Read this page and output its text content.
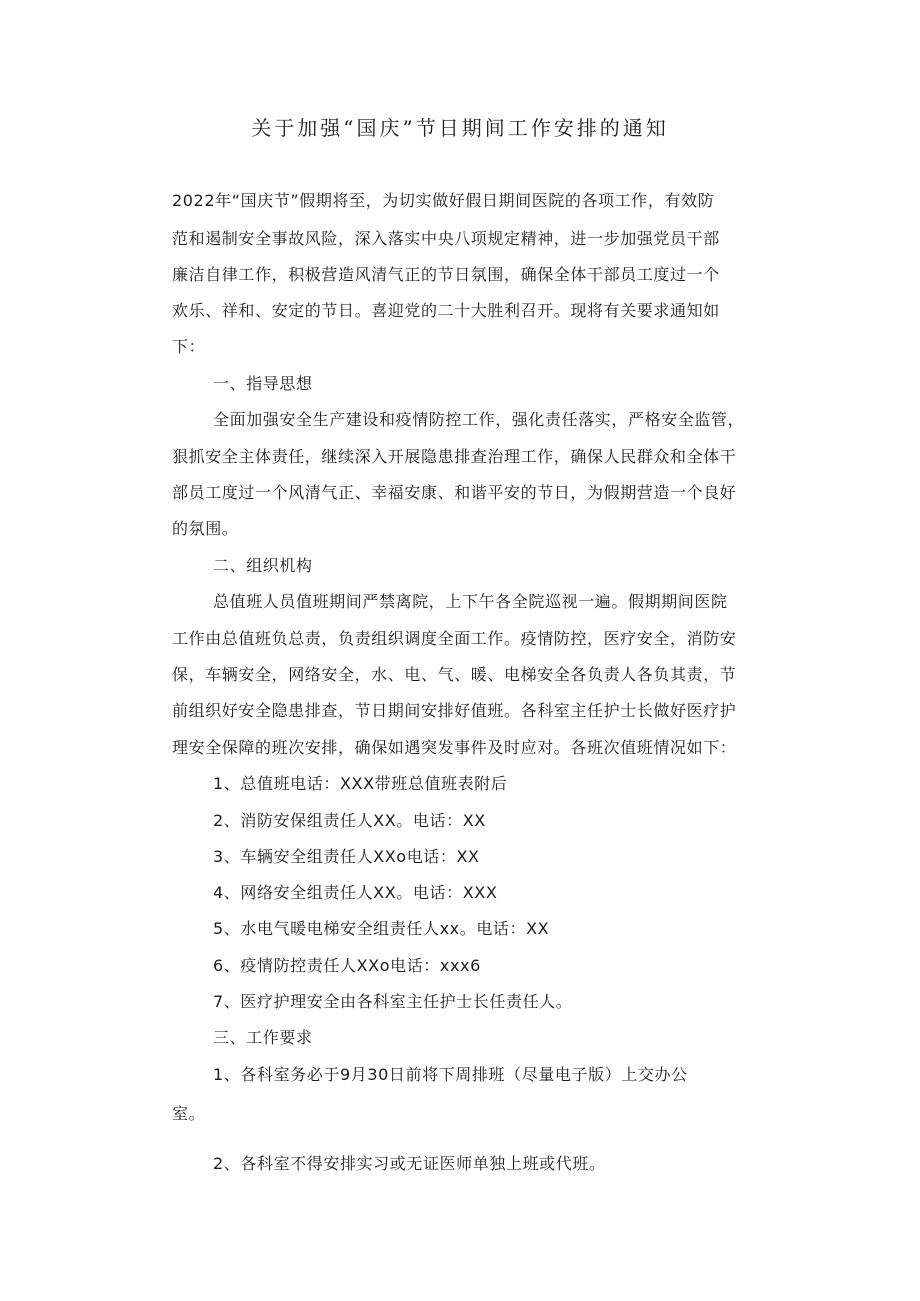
关于加强“国庆”节日期间工作安排的通知
2022年“国庆节”假期将至，为切实做好假日期间医院的各项工作，有效防
范和遏制安全事故风险，深入落实中央八项规定精神，进一步加强党员干部
廉洁自律工作，积极营造风清气正的节日氛围，确保全体干部员工度过一个
欢乐、祥和、安定的节日。喜迎党的二十大胜利召开。现将有关要求通知如
下：
一、指导思想
全面加强安全生产建设和疫情防控工作，强化责任落实，严格安全监管，
狠抓安全主体责任，继续深入开展隐患排查治理工作，确保人民群众和全体干
部员工度过一个风清气正、幸福安康、和谐平安的节日，为假期营造一个良好
的氛围。
二、组织机构
总值班人员值班期间严禁离院，上下午各全院巡视一遍。假期期间医院
工作由总值班负总责，负责组织调度全面工作。疫情防控，医疗安全，消防安
保，车辆安全，网络安全，水、电、气、暖、电梯安全各负责人各负其责，节
前组织好安全隐患排查，节日期间安排好值班。各科室主任护士长做好医疗护
理安全保障的班次安排，确保如遇突发事件及时应对。各班次值班情况如下：
1、总值班电话：XXX带班总值班表附后
2、消防安保组责任人XX。电话：XX
3、车辆安全组责任人XXo电话：XX
4、网络安全组责任人XX。电话：XXX
5、水电气暖电梯安全组责任人xx。电话：XX
6、疫情防控责任人XXo电话：xxx6
7、医疗护理安全由各科室主任护士长任责任人。
三、工作要求
1、各科室务必于9月30日前将下周排班（尽量电子版）上交办公
室。
2、各科室不得安排实习或无证医师单独上班或代班。
